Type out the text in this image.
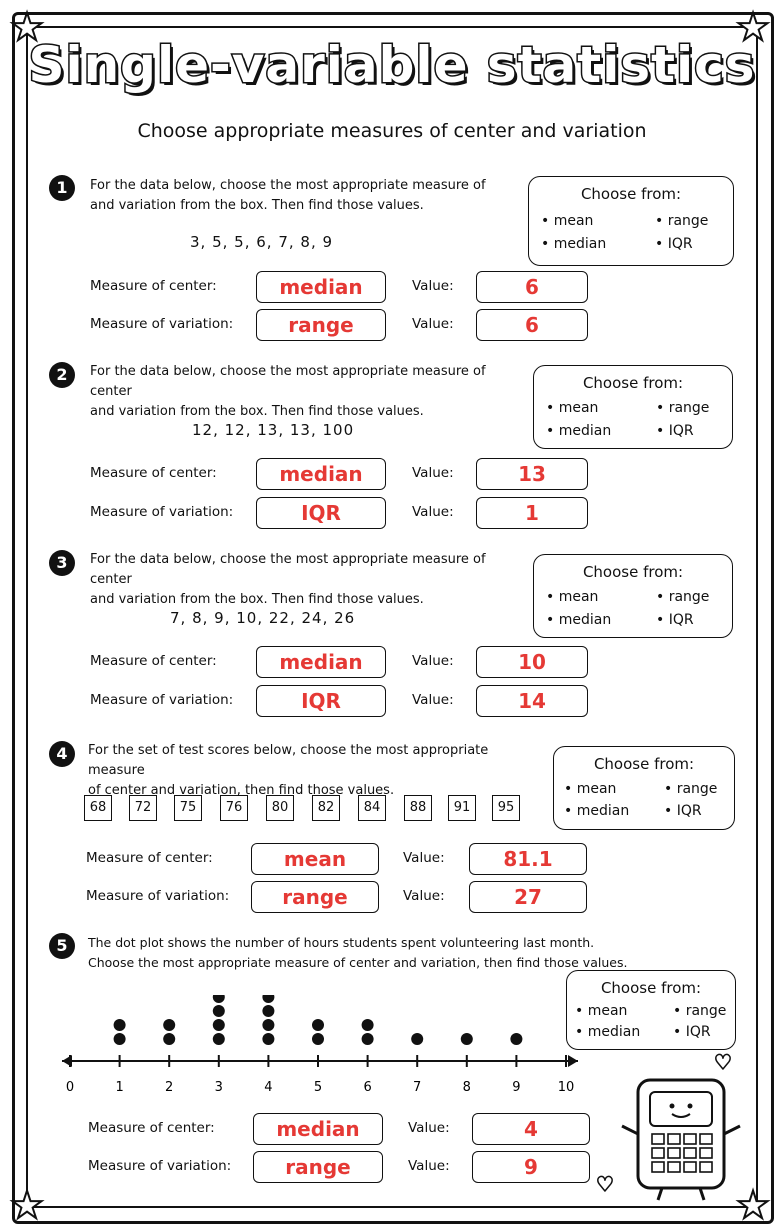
★	★
★	★
Single-variable statistics
Choose appropriate measures of center and variation
1	For the data below, choose the most appropriate measure of
and variation from the box. Then find those values.
3, 5, 5, 6, 7, 8, 9
Choose from:
• mean
• median
• range
• IQR
Measure of center:	median	Value:	6
Measure of variation:	range	Value:	6
2	For the data below, choose the most appropriate measure of center
and variation from the box. Then find those values.
12, 12, 13, 13, 100
Choose from:
• mean
• median
• range
• IQR
Measure of center:	median	Value:	13
Measure of variation:	IQR	Value:	1
3	For the data below, choose the most appropriate measure of center
and variation from the box. Then find those values.
7, 8, 9, 10, 22, 24, 26
Choose from:
• mean
• median
• range
• IQR
Measure of center:	median	Value:	10
Measure of variation:	IQR	Value:	14
4	For the set of test scores below, choose the most appropriate measure
of center and variation, then find those values.
68	72	75	76	80	82	84	88	91	95
Choose from:
• mean
• median
• range
• IQR
Measure of center:	mean	Value:	81.1
Measure of variation:	range	Value:	27
5	The dot plot shows the number of hours students spent volunteering last month.
Choose the most appropriate measure of center and variation, then find those values.
Choose from:
• mean
• median
• range
• IQR
0	1	2	3	4	5	6	7	8	9	10
Measure of center:	median	Value:	4
Measure of variation:	range	Value:	9
♥
♥
